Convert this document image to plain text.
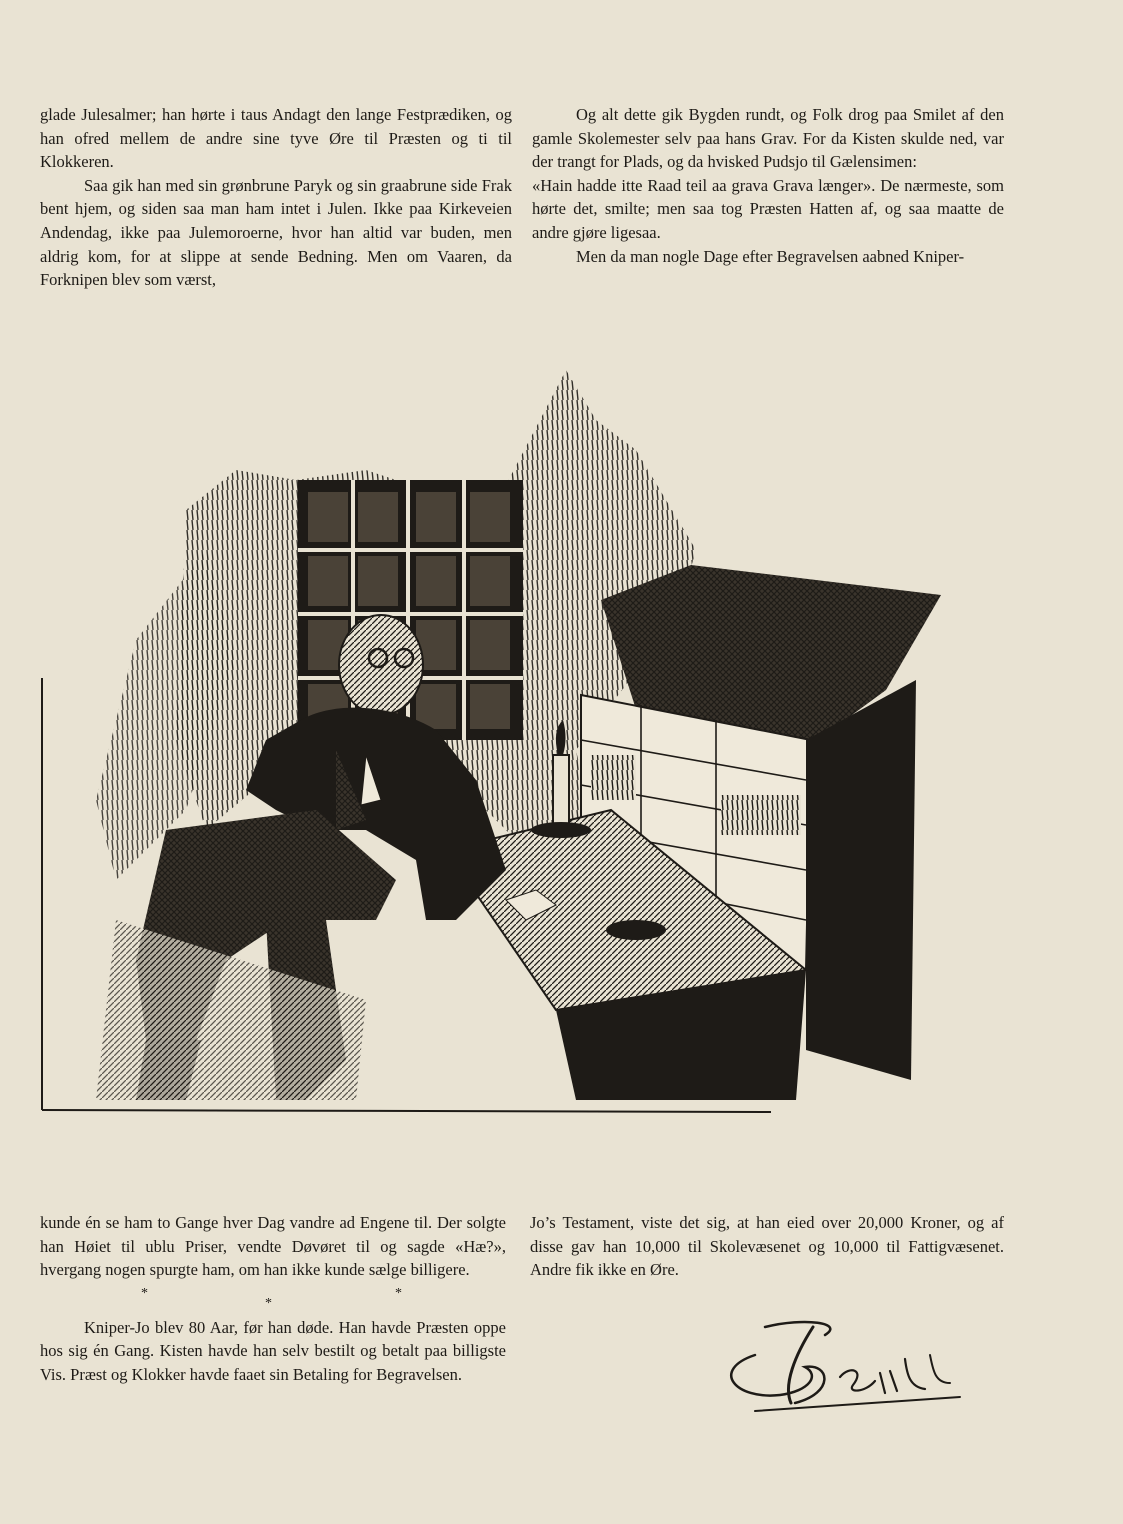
glade Julesalmer; han hørte i taus Andagt den lange Festprædiken, og han ofred mellem de andre sine tyve Øre til Præsten og ti til Klokkeren.

Saa gik han med sin grønbrune Paryk og sin graabrune side Frak bent hjem, og siden saa man ham intet i Julen. Ikke paa Kirkeveien Andendag, ikke paa Julemoroerne, hvor han altid var buden, men aldrig kom, for at slippe at sende Bedning. Men om Vaaren, da Forknipen blev som værst,

Og alt dette gik Bygden rundt, og Folk drog paa Smilet af den gamle Skolemester selv paa hans Grav. For da Kisten skulde ned, var der trangt for Plads, og da hvisked Pudsjo til Gælensimen:

«Hain hadde itte Raad teil aa grava Grava længer». De nærmeste, som hørte det, smilte; men saa tog Præsten Hatten af, og saa maatte de andre gjøre ligesaa.

Men da man nogle Dage efter Begravelsen aabned Kniper-

kunde én se ham to Gange hver Dag vandre ad Engene til. Der solgte han Høiet til ublu Priser, vendte Døvøret til og sagde «Hæ?», hvergang nogen spurgte ham, om han ikke kunde sælge billigere.

*
*
*

Kniper-Jo blev 80 Aar, før han døde. Han havde Præsten oppe hos sig én Gang. Kisten havde han selv bestilt og betalt paa billigste Vis. Præst og Klokker havde faaet sin Betaling for Begravelsen.

Jo’s Testament, viste det sig, at han eied over 20,000 Kroner, og af disse gav han 10,000 til Skolevæsenet og 10,000 til Fattigvæsenet. Andre fik ikke en Øre.
